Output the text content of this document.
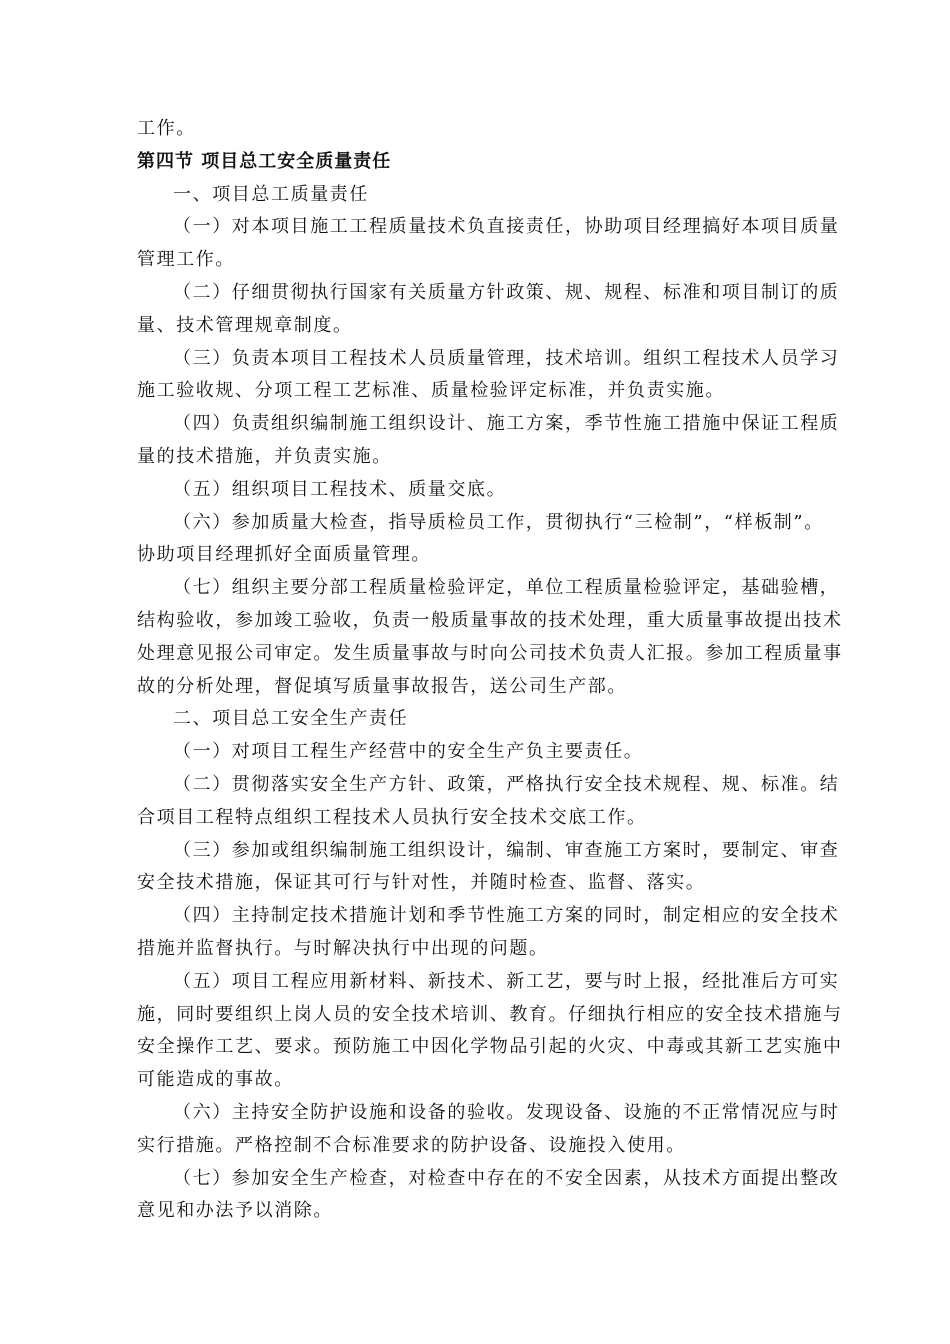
工作。
第四节 项目总工安全质量责任
一、项目总工质量责任
（一）对本项目施工工程质量技术负直接责任，协助项目经理搞好本项目质量
管理工作。
（二）仔细贯彻执行国家有关质量方针政策、规、规程、标准和项目制订的质
量、技术管理规章制度。
（三）负责本项目工程技术人员质量管理，技术培训。组织工程技术人员学习
施工验收规、分项工程工艺标准、质量检验评定标准，并负责实施。
（四）负责组织编制施工组织设计、施工方案，季节性施工措施中保证工程质
量的技术措施，并负责实施。
（五）组织项目工程技术、质量交底。
（六）参加质量大检查，指导质检员工作，贯彻执行“三检制”，“样板制”。
协助项目经理抓好全面质量管理。
（七）组织主要分部工程质量检验评定，单位工程质量检验评定，基础验槽，
结构验收，参加竣工验收，负责一般质量事故的技术处理，重大质量事故提出技术
处理意见报公司审定。发生质量事故与时向公司技术负责人汇报。参加工程质量事
故的分析处理，督促填写质量事故报告，送公司生产部。
二、项目总工安全生产责任
（一）对项目工程生产经营中的安全生产负主要责任。
（二）贯彻落实安全生产方针、政策，严格执行安全技术规程、规、标准。结
合项目工程特点组织工程技术人员执行安全技术交底工作。
（三）参加或组织编制施工组织设计，编制、审查施工方案时，要制定、审查
安全技术措施，保证其可行与针对性，并随时检查、监督、落实。
（四）主持制定技术措施计划和季节性施工方案的同时，制定相应的安全技术
措施并监督执行。与时解决执行中出现的问题。
（五）项目工程应用新材料、新技术、新工艺，要与时上报，经批准后方可实
施，同时要组织上岗人员的安全技术培训、教育。仔细执行相应的安全技术措施与
安全操作工艺、要求。预防施工中因化学物品引起的火灾、中毒或其新工艺实施中
可能造成的事故。
（六）主持安全防护设施和设备的验收。发现设备、设施的不正常情况应与时
实行措施。严格控制不合标准要求的防护设备、设施投入使用。
（七）参加安全生产检查，对检查中存在的不安全因素，从技术方面提出整改
意见和办法予以消除。
